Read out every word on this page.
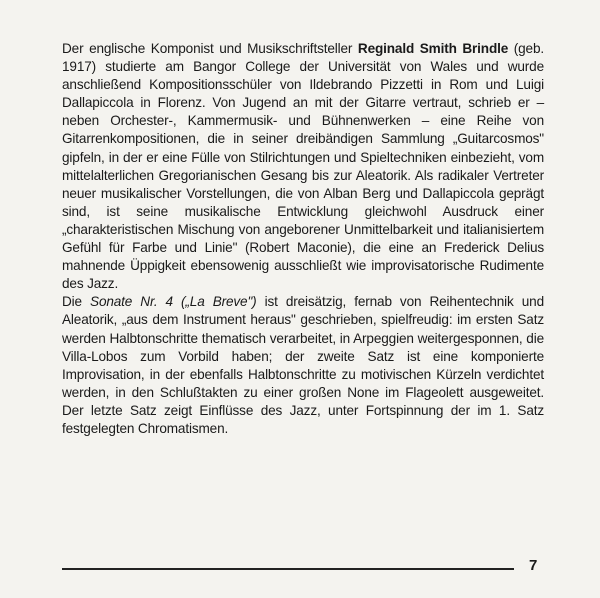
Der englische Komponist und Musikschriftsteller Reginald Smith Brindle (geb. 1917) studierte am Bangor College der Universität von Wales und wurde anschließend Kompositionsschüler von Ildebrando Pizzetti in Rom und Luigi Dallapiccola in Florenz. Von Jugend an mit der Gitarre vertraut, schrieb er – neben Orchester-, Kammermusik- und Bühnenwerken – eine Reihe von Gitarrenkompositionen, die in seiner dreibändigen Sammlung „Guitarcosmos" gipfeln, in der er eine Fülle von Stilrichtungen und Spieltechniken einbezieht, vom mittelalterlichen Gregorianischen Gesang bis zur Aleatorik. Als radikaler Vertreter neuer musikalischer Vorstellungen, die von Alban Berg und Dallapiccola geprägt sind, ist seine musikalische Entwicklung gleichwohl Ausdruck einer „charakteristischen Mischung von angeborener Unmittelbarkeit und italianisiertem Gefühl für Farbe und Linie" (Robert Maconie), die eine an Frederick Delius mahnende Üppigkeit ebensowenig ausschließt wie improvisatorische Rudimente des Jazz.

Die Sonate Nr. 4 („La Breve") ist dreisätzig, fernab von Reihentechnik und Aleatorik, „aus dem Instrument heraus" geschrieben, spielfreudig: im ersten Satz werden Halbtonschritte thematisch verarbeitet, in Arpeggien weitergesponnen, die Villa-Lobos zum Vorbild haben; der zweite Satz ist eine komponierte Improvisation, in der ebenfalls Halbtonschritte zu motivischen Kürzeln verdichtet werden, in den Schlußtakten zu einer großen None im Flageolett ausgeweitet. Der letzte Satz zeigt Einflüsse des Jazz, unter Fortspinnung der im 1. Satz festgelegten Chromatismen.

7
